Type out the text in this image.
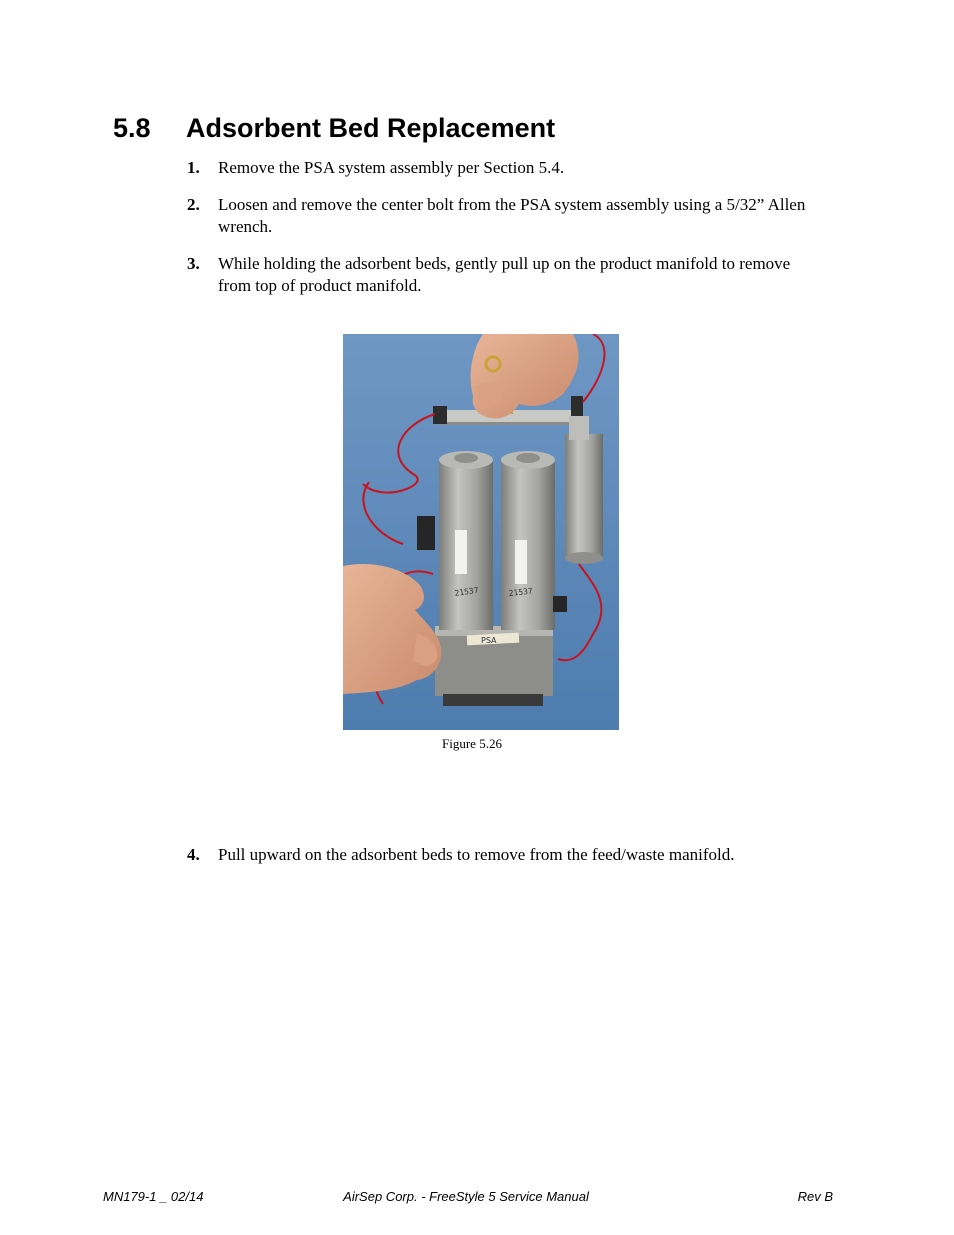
5.8 Adsorbent Bed Replacement
1. Remove the PSA system assembly per Section 5.4.
2. Loosen and remove the center bolt from the PSA system assembly using a 5/32” Allen wrench.
3. While holding the adsorbent beds, gently pull up on the product manifold to remove from top of product manifold.
21537	21537
PSA
Figure 5.26
4. Pull upward on the adsorbent beds to remove from the feed/waste manifold.
MN179-1 _ 02/14	AirSep Corp. - FreeStyle 5 Service Manual	Rev B
